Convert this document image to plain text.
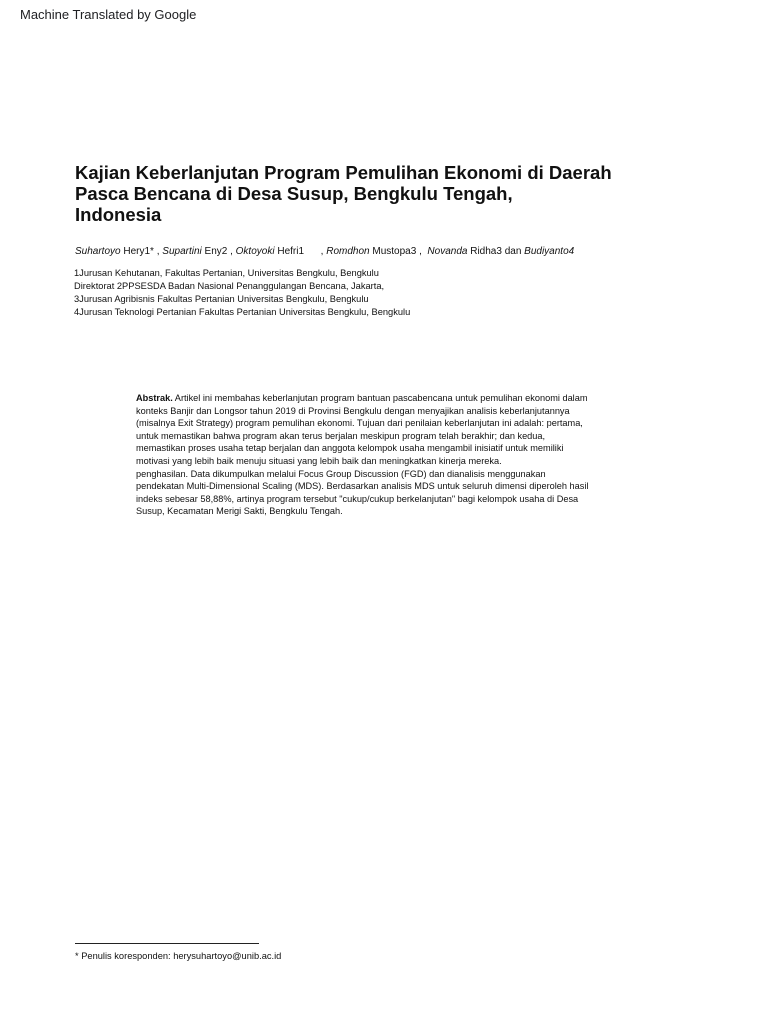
Machine Translated by Google
Kajian Keberlanjutan Program Pemulihan Ekonomi di Daerah
Pasca Bencana di Desa Susup, Bengkulu Tengah,
Indonesia
Suhartoyo Hery1* , Supartini Eny2 , Oktoyoki Hefri1      , Romdhon Mustopa3 ,  Novanda Ridha3 dan Budiyanto4
1Jurusan Kehutanan, Fakultas Pertanian, Universitas Bengkulu, Bengkulu
Direktorat 2PPSESDA Badan Nasional Penanggulangan Bencana, Jakarta,
3Jurusan Agribisnis Fakultas Pertanian Universitas Bengkulu, Bengkulu
4Jurusan Teknologi Pertanian Fakultas Pertanian Universitas Bengkulu, Bengkulu
Abstrak. Artikel ini membahas keberlanjutan program bantuan pascabencana untuk pemulihan ekonomi dalam
konteks Banjir dan Longsor tahun 2019 di Provinsi Bengkulu dengan menyajikan analisis keberlanjutannya
(misalnya Exit Strategy) program pemulihan ekonomi. Tujuan dari penilaian keberlanjutan ini adalah: pertama,
untuk memastikan bahwa program akan terus berjalan meskipun program telah berakhir; dan kedua,
memastikan proses usaha tetap berjalan dan anggota kelompok usaha mengambil inisiatif untuk memiliki
motivasi yang lebih baik menuju situasi yang lebih baik dan meningkatkan kinerja mereka.
penghasilan. Data dikumpulkan melalui Focus Group Discussion (FGD) dan dianalisis menggunakan
pendekatan Multi-Dimensional Scaling (MDS). Berdasarkan analisis MDS untuk seluruh dimensi diperoleh hasil
indeks sebesar 58,88%, artinya program tersebut "cukup/cukup berkelanjutan" bagi kelompok usaha di Desa
Susup, Kecamatan Merigi Sakti, Bengkulu Tengah.
* Penulis koresponden: herysuhartoyo@unib.ac.id
